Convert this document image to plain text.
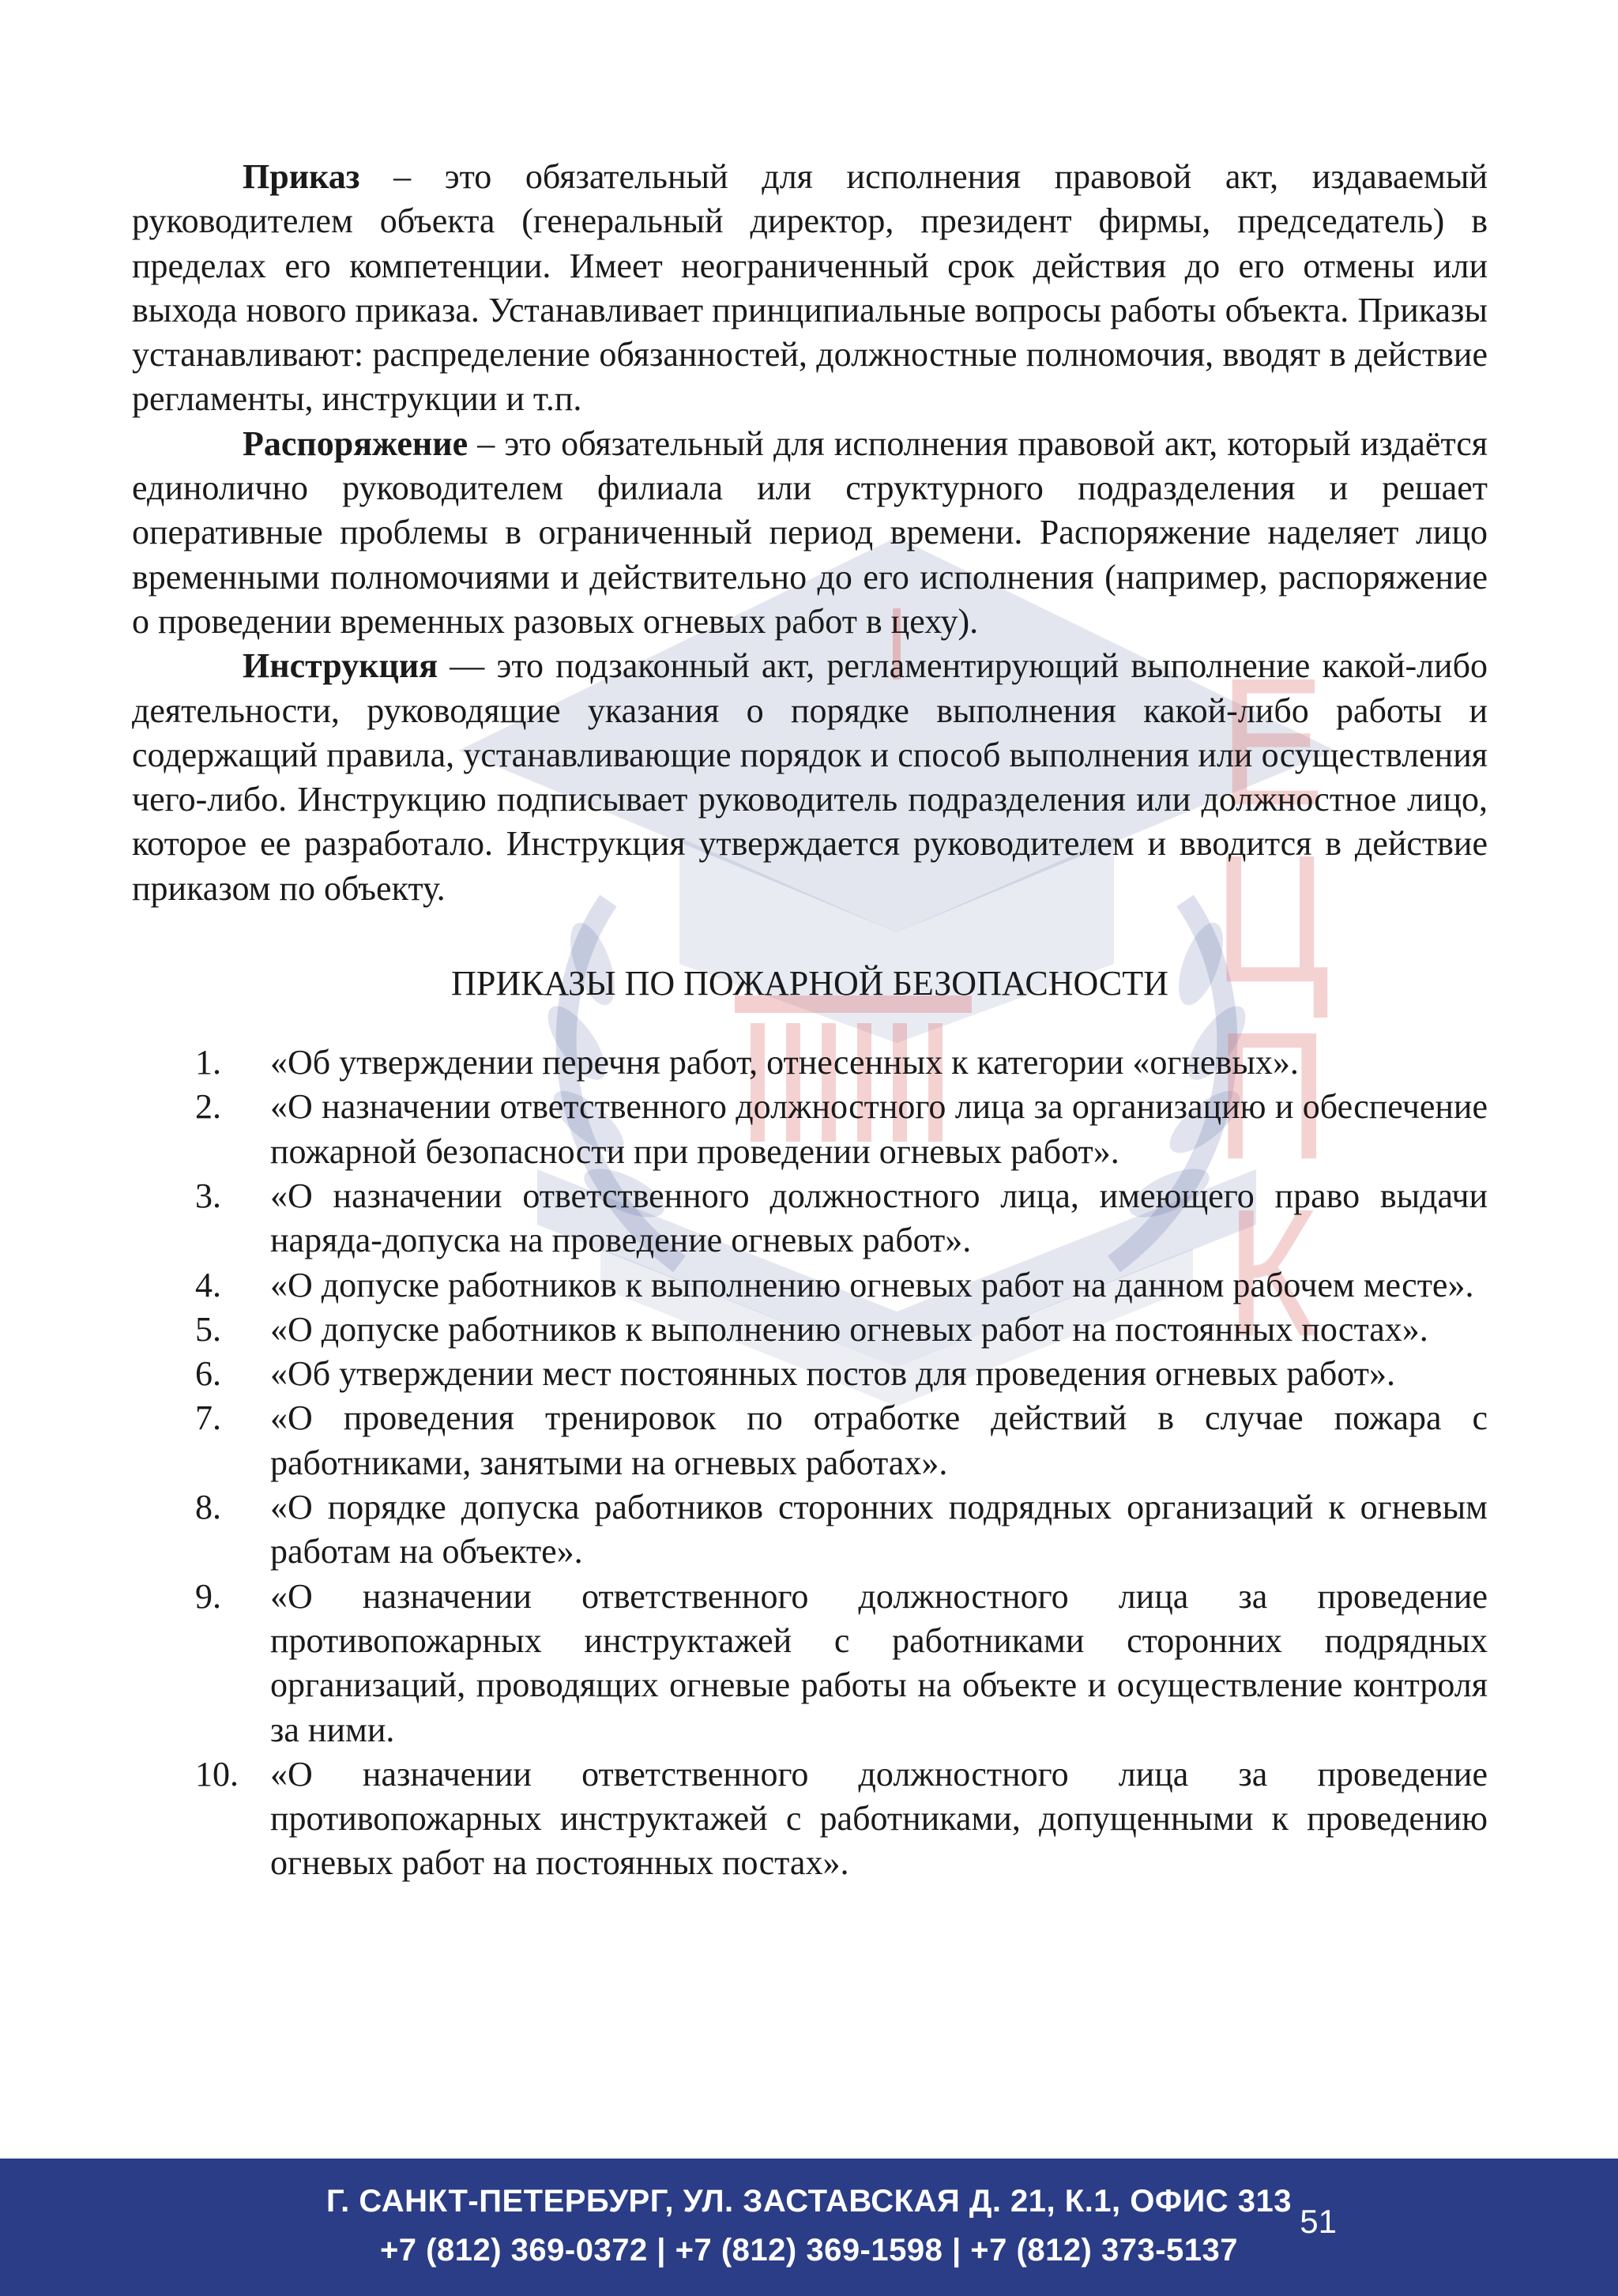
Е
Ц
П
К

Приказ – это обязательный для исполнения правовой акт, издаваемый руководителем объекта (генеральный директор, президент фирмы, председатель) в пределах его компетенции. Имеет неограниченный срок действия до его отмены или выхода нового приказа. Устанавливает принципиальные вопросы работы объекта. Приказы устанавливают: распределение обязанностей, должностные полномочия, вводят в действие регламенты, инструкции и т.п.

Распоряжение – это обязательный для исполнения правовой акт, который издаётся единолично руководителем филиала или структурного подразделения и решает оперативные проблемы в ограниченный период времени. Распоряжение наделяет лицо временными полномочиями и действительно до его исполнения (например, распоряжение о проведении временных разовых огневых работ в цеху).

Инструкция — это подзаконный акт, регламентирующий выполнение какой-либо деятельности, руководящие указания о порядке выполнения какой-либо работы и содержащий правила, устанавливающие порядок и способ выполнения или осуществления чего-либо. Инструкцию подписывает руководитель подразделения или должностное лицо, которое ее разработало. Инструкция утверждается руководителем и вводится в действие приказом по объекту.

ПРИКАЗЫ ПО ПОЖАРНОЙ БЕЗОПАСНОСТИ
1.	«Об утверждении перечня работ, отнесенных к категории «огневых».
2.	«О назначении ответственного должностного лица за организацию и обеспечение пожарной безопасности при проведении огневых работ».
3.	«О назначении ответственного должностного лица, имеющего право выдачи наряда-допуска на проведение огневых работ».
4.	«О допуске работников к выполнению огневых работ на данном рабочем месте».
5.	«О допуске работников к выполнению огневых работ на постоянных постах».
6.	«Об утверждении мест постоянных постов для проведения огневых работ».
7.	«О проведения тренировок по отработке действий в случае пожара с работниками, занятыми на огневых работах».
8.	«О порядке допуска работников сторонних подрядных организаций к огневым работам на объекте».
9.	«О назначении ответственного должностного лица за проведение противопожарных инструктажей с работниками сторонних подрядных организаций, проводящих огневые работы на объекте и осуществление контроля за ними.
10. «О назначении ответственного должностного лица за проведение противопожарных инструктажей с работниками, допущенными к проведению огневых работ на постоянных постах».
Г. САНКТ-ПЕТЕРБУРГ, УЛ. ЗАСТАВСКАЯ Д. 21, К.1, ОФИС 313
+7 (812) 369-0372 | +7 (812) 369-1598 | +7 (812) 373-5137
51
